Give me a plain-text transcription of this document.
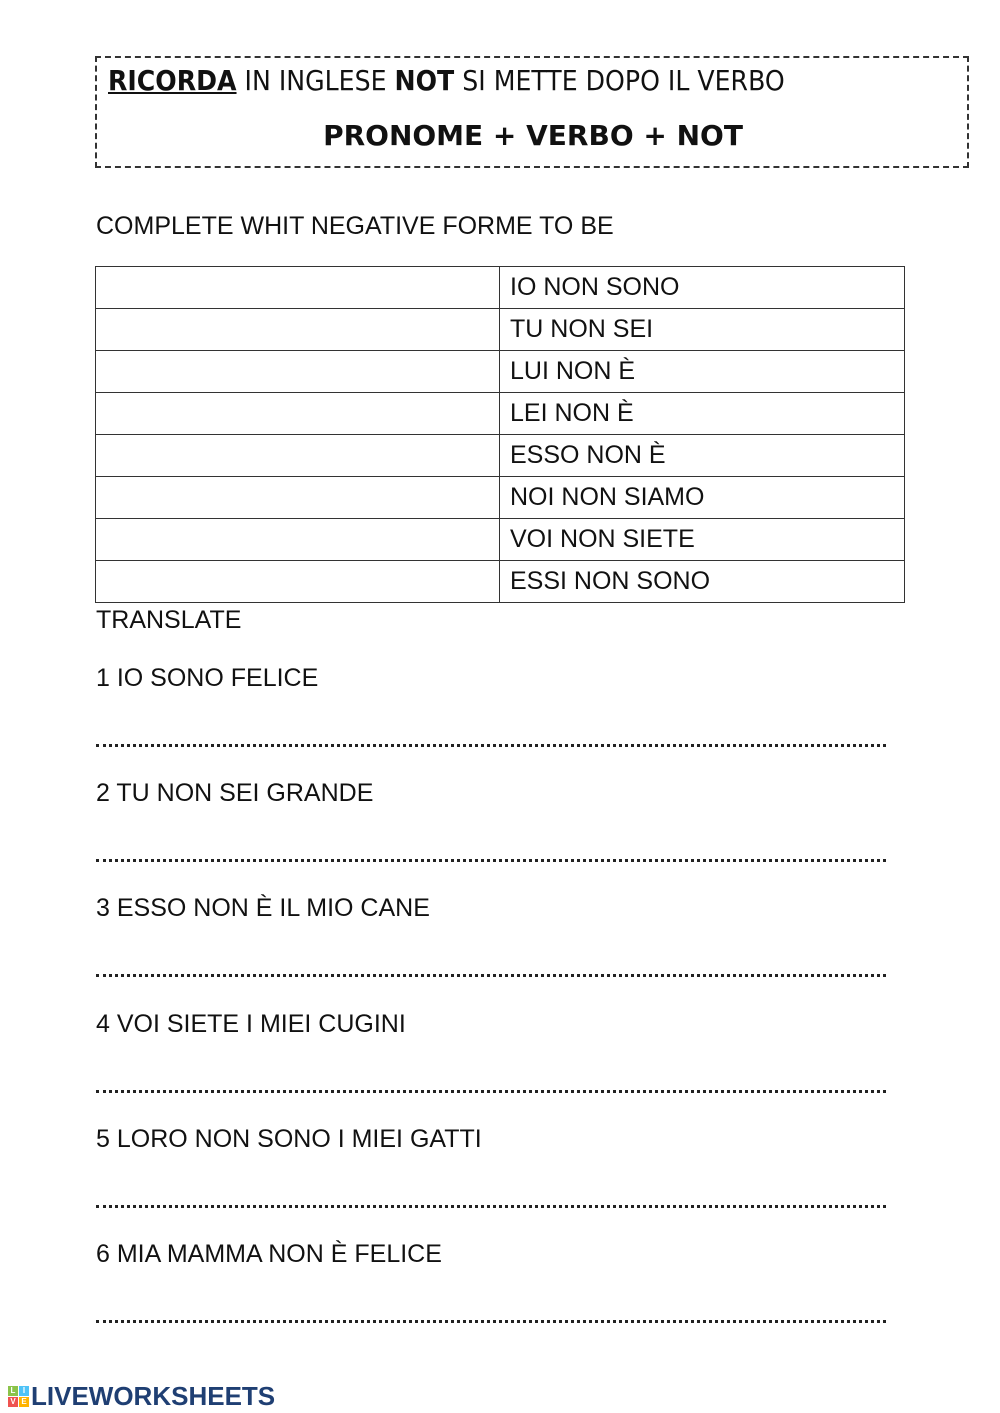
RICORDA IN INGLESE NOT SI METTE DOPO IL VERBO
PRONOME + VERBO + NOT
COMPLETE WHIT NEGATIVE FORME TO BE
	IO NON SONO
	TU NON SEI
	LUI NON È
	LEI NON È
	ESSO NON È
	NOI NON SIAMO
	VOI NON SIETE
	ESSI NON SONO
TRANSLATE
1 IO SONO FELICE
2 TU NON SEI GRANDE
3 ESSO NON È IL MIO CANE
4 VOI SIETE I MIEI CUGINI
5 LORO NON SONO I MIEI GATTI
6 MIA MAMMA NON È FELICE
L I
V E LIVEWORKSHEETS
